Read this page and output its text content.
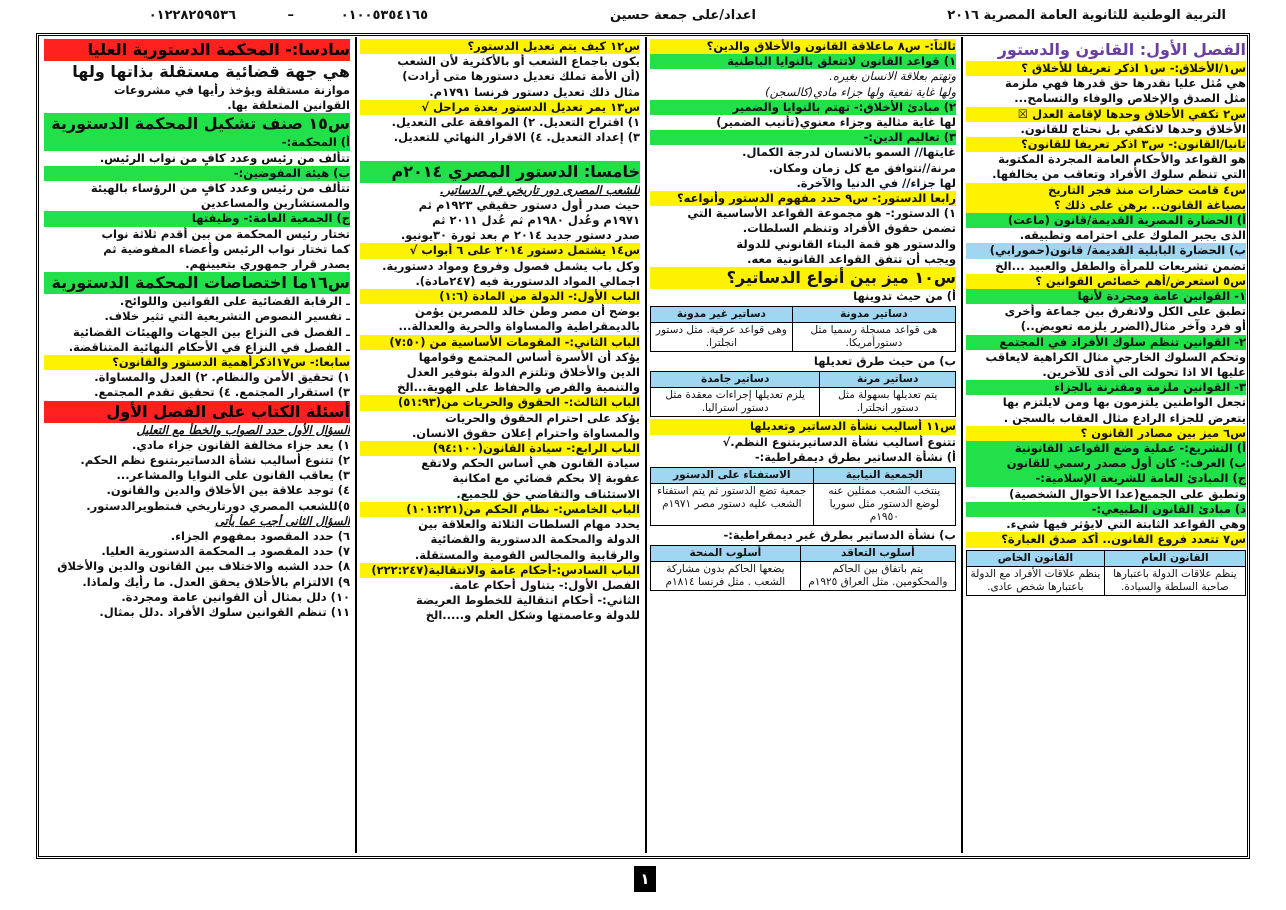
التربية الوطنية للثانوية العامة المصرية ٢٠١٦
اعداد/على جمعة حسين
٠١٠٠٥٣٥٤١٦٥
–
٠١٢٢٨٢٥٩٥٣٦
الفصل الأول: القانون والدستور
س١/الأخلاق:- س١ اذكر تعريفا للأخلاق ؟
هي مُثل عليا نقدرها حق قدرها فهي ملزمة
مثل الصدق والإخلاص والوفاء والتسامح...
س٢ تكفي الأخلاق وحدها لإقامة العدل ☒
الأخلاق وحدها لاتكفي بل نحتاج للقانون.
ثانيا/القانون:- س٣ اذكر تعريفا للقانون؟
هو القواعد والأحكام العامة المجردة المكتوبة
التي تنظم سلوك الأفراد وتعاقب من يخالفها.
س٤ قامت حضارات منذ فجر التاريخ
بصياغة القانون.. برهن على ذلك ؟
أ) الحضارة المصرية القديمة/قانون (ماعت)
الذى يجبر الملوك على احترامه وتطبيقه.
ب) الحضارة البابلية القديمة/ قانون(حمورابي)
تضمن تشريعات للمرأة والطفل والعبيد ...الخ
س٥ استعرض/أهم خصائص القوانين ؟
١- القوانين عامة ومجردة لأنها
تطبق على الكل ولاتفرق بين جماعة وأخرى
أو فرد وآخر مثال(الضرر يلزمه تعويض..)
٢- القوانين تنظم سلوك الأفراد في المجتمع
وتحكم السلوك الخارجي مثال الكراهية لايعاقب
عليها الا اذا تحولت الى أذى للآخرين.
٣- القوانين ملزمة ومقترنة بالجزاء
تجعل الواطنين يلتزمون بها ومن لايلتزم بها
يتعرض للجزاء الرادع مثال العقاب بالسجن .
س٦ ميز بين مصادر القانون ؟
أ) التشريع:- عملية وضع القواعد القانونية
ب) العرف:- كان أول مصدر رسمي للقانون
ج) المبادئ العامة للشريعة الإسلامية:-
وتطبق على الجميع(عدا الأحوال الشخصية)
د) مبادئ القانون الطبيعي:-
وهي القواعد الثابتة التي لايؤثر فيها شيء.
س٧ تتعدد فروع القانون.. أكد صدق العبارة؟
القانون العام	القانون الخاص
ينظم علاقات الدولة باعتبارها صاحبة السلطة والسيادة.	ينظم علاقات الأفراد مع الدولة باعتبارها شخص عادى.
ثالثاً:- س٨ ماعلاقة القانون والأخلاق والدين؟
١) قواعد القانون لاتتعلق بالنوايا الباطنية
وتهتم بعلاقة الانسان بغيره.
ولها غاية نفعية ولها جزاء مادي(كالسجن)
٢) مبادئ الأخلاق:- تهتم بالنوايا والضمير
لها غاية مثالية وجزاء معنوي(تأنيب الضمير)
٣) تعاليم الدين:-
غايتها// السمو بالانسان لدرجة الكمال.
مرنة//تتوافق مع كل زمان ومكان.
لها جزاء// في الدنيا والآخرة.
رابعا الدستور:- س٩ حدد مفهوم الدستور وأنواعه؟
١) الدستور:- هو مجموعة القواعد الأساسية التي
تضمن حقوق الأفراد وتنظم السلطات.
والدستور هو قمة البناء القانوني للدولة
ويجب أن تتفق القواعد القانونية معه.
س١٠ ميز بين أنواع الدساتير؟
أ) من حيث تدوينها
دساتير مدونة	دساتير غير مدونة
هى قواعد مسجلة رسميا مثل دستورأمريكا.	وهى قواعد عرفية. مثل دستور انجلترا.
ب) من حيث طرق تعديلها
دساتير مرنة	دساتير جامدة
يتم تعديلها بسهولة مثل دستور انجلترا.	يلزم تعديلها إجراءات معقدة مثل دستور استراليا.
س١١ أساليب نشأة الدساتير وتعديلها
تتنوع أساليب نشأة الدساتيربتنوع النظم.√
أ) نشأة الدساتير بطرق ديمقراطية:-
الجمعية النيابية	الاستفتاء على الدستور
ينتخب الشعب ممثلين عنه لوضع الدستور مثل سوريا ١٩٥٠م	جمعية تضع الدستور ثم يتم استفتاء الشعب عليه دستور مصر ١٩٧١م
ب) نشأة الدساتير بطرق غير ديمقراطية:-
أسلوب التعاقد	أسلوب المنحة
يتم باتفاق بين الحاكم والمحكومين. مثل العراق ١٩٢٥م	يضعها الحاكم بدون مشاركة الشعب . مثل فرنسا ١٨١٤م
س١٢ كيف يتم تعديل الدستور؟
يكون باجماع الشعب أو بالأكثرية لأن الشعب
(أن الأمة تملك تعديل دستورها متى أرادت)
مثال ذلك تعديل دستور فرنسا ١٧٩١م.
س١٣ يمر تعديل الدستور بعدة مراحل √
١) اقتراح التعديل. ٢) الموافقة على التعديل.
٣) إعداد التعديل. ٤) الاقرار النهائي للتعديل.

خامسا: الدستور المصري ٢٠١٤م
للشعب المصرى دور تاريخي في الدساتير.
حيث صدر أول دستور حقيقي ١٩٢٣م ثم
١٩٧١م وعُدل ١٩٨٠م ثم عُدل ٢٠١١ ثم
صدر دستور جديد ٢٠١٤ م بعد ثورة ٣٠يونيو.
س١٤ يشتمل دستور ٢٠١٤ على ٦ أبواب √
وكل باب يشمل فصول وفروع ومواد دستورية.
اجمالي المواد الدستورية فيه (٢٤٧مادة).
الباب الأول:- الدولة من المادة (١:٦)
يوضح أن مصر وطن خالد للمصرين يؤمن
بالديمقراطية والمساواة والحرية والعدالة...
الباب الثاني:- المقومات الأساسية من (٧:٥٠)
يؤكد أن الأسرة أساس المجتمع وقوامها
الدين والأخلاق وتلتزم الدولة بتوفير العدل
والتنمية والفرص والحفاظ على الهوية...الخ
الباب الثالث:- الحقوق والحريات من(٥١:٩٣)
يؤكد على احترام الحقوق والحريات
والمساواة واحترام إعلان حقوق الانسان.
الباب الرابع:- سيادة القانون(٩٤:١٠٠)
سيادة القانون هي أساس الحكم ولاتقع
عقوبة إلا بحكم قضائي مع امكانية
الاستئناف والتقاضي حق للجميع.
الباب الخامس:- نظام الحكم من(١٠١:٢٢١)
يحدد مهام السلطات الثلاثة والعلاقة بين
الدولة والمحكمة الدستورية والقضائية
والرقابية والمجالس القومية والمستقلة.
الباب السادس:-أحكام عامة والانتقالية(٢٢٢:٢٤٧)
الفصل الأول:- يتناول أحكام عامة.
الثاني:- أحكام انتقالية للخطوط العريضة
للدولة وعاصمتها وشكل العلم و.....الخ
سادسا:- المحكمة الدستورية العليا
هي جهة قضائية مستقلة بذاتها ولها
موازنة مستقلة ويؤخذ رأيها في مشروعات
القوانين المتعلقة بها.
س١٥ صنف تشكيل المحكمة الدستورية
أ) المحكمة:-
تتألف من رئيس وعدد كافٍ من نواب الرئيس.
ب) هيئة المفوضين:-
تتألف من رئيس وعدد كافٍ من الرؤساء بالهيئة
والمستشارين والمساعدين
ج) الجمعية العامة:- وظيفتها
تختار رئيس المحكمة من بين أقدم ثلاثة نواب
كما تختار نواب الرئيس وأعضاء المفوضية ثم
يصدر قرار جمهوري بتعيينهم.
س١٦ما اختصاصات المحكمة الدستورية
ـ الرقابة القضائية على القوانين واللوائح.
ـ تفسير النصوص التشريعية التي تثير خلاف.
ـ الفصل فى النزاع بين الجهات والهيئات القضائية
ـ الفصل في النزاع في الأحكام النهائية المتناقضة.
سابعا:- س١٧اذكرأهمية الدستور والقانون؟
١) تحقيق الأمن والنظام. ٢) العدل والمساواة.
٣) استقرار المجتمع. ٤) تحقيق تقدم المجتمع.
أسئلة الكتاب على الفصل الأول
السؤال الأول حدد الصواب والخطأ مع التعليل
١) يعد جزاء مخالفة القانون جزاء مادي.
٢) تتنوع أساليب نشأة الدساتيربتنوع نظم الحكم.
٣) يعاقب القانون على النوايا والمشاعر...
٤) توجد علاقة بين الأخلاق والدين والقانون.
٥)للشعب المصري دورتاريخي فىتطويرالدستور.
السؤال الثانى أجب عما يأتى
٦) حدد المقصود بمفهوم الجزاء.
٧) حدد المقصود بـ المحكمة الدستورية العليا.
٨) حدد الشبه والاختلاف بين القانون والدين والأخلاق
٩) الالتزام بالأخلاق يحقق العدل. ما رأيك ولماذا.
١٠) دلل بمثال أن القوانين عامة ومجردة.
١١) تنظم القوانين سلوك الأفراد .دلل بمثال.
١
